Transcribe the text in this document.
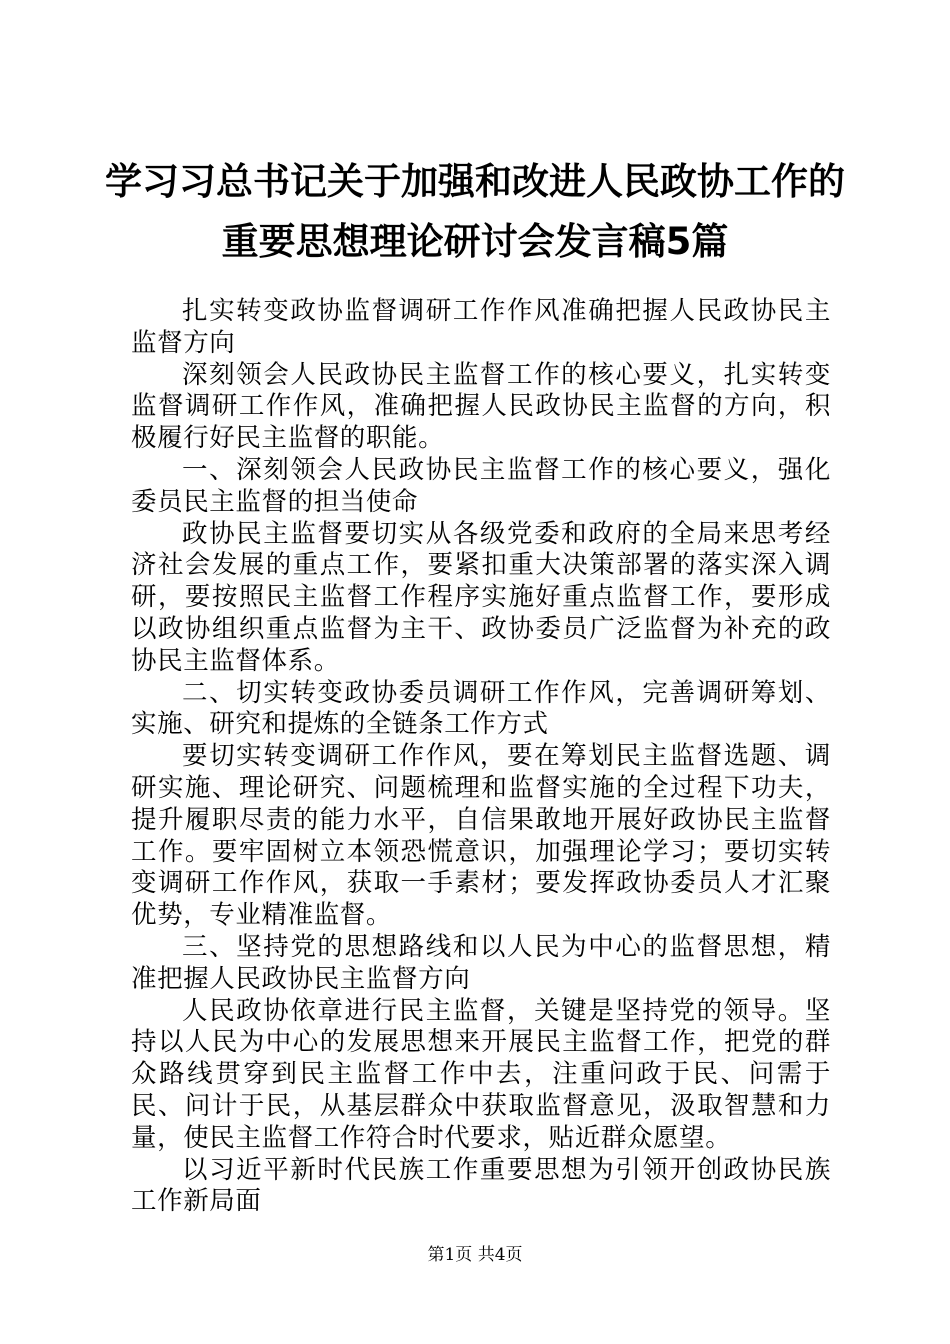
学习习总书记关于加强和改进人民政协工作的
重要思想理论研讨会发言稿5篇

扎实转变政协监督调研工作作风准确把握人民政协民主监督方向

深刻领会人民政协民主监督工作的核心要义，扎实转变监督调研工作作风，准确把握人民政协民主监督的方向，积极履行好民主监督的职能。

一、深刻领会人民政协民主监督工作的核心要义，强化委员民主监督的担当使命

政协民主监督要切实从各级党委和政府的全局来思考经济社会发展的重点工作，要紧扣重大决策部署的落实深入调研，要按照民主监督工作程序实施好重点监督工作，要形成以政协组织重点监督为主干、政协委员广泛监督为补充的政协民主监督体系。

二、切实转变政协委员调研工作作风，完善调研筹划、实施、研究和提炼的全链条工作方式

要切实转变调研工作作风，要在筹划民主监督选题、调研实施、理论研究、问题梳理和监督实施的全过程下功夫，提升履职尽责的能力水平，自信果敢地开展好政协民主监督工作。要牢固树立本领恐慌意识，加强理论学习；要切实转变调研工作作风，获取一手素材；要发挥政协委员人才汇聚优势，专业精准监督。

三、坚持党的思想路线和以人民为中心的监督思想，精准把握人民政协民主监督方向

人民政协依章进行民主监督，关键是坚持党的领导。坚持以人民为中心的发展思想来开展民主监督工作，把党的群众路线贯穿到民主监督工作中去，注重问政于民、问需于民、问计于民，从基层群众中获取监督意见，汲取智慧和力量，使民主监督工作符合时代要求，贴近群众愿望。

以习近平新时代民族工作重要思想为引领开创政协民族工作新局面

第1页 共4页
